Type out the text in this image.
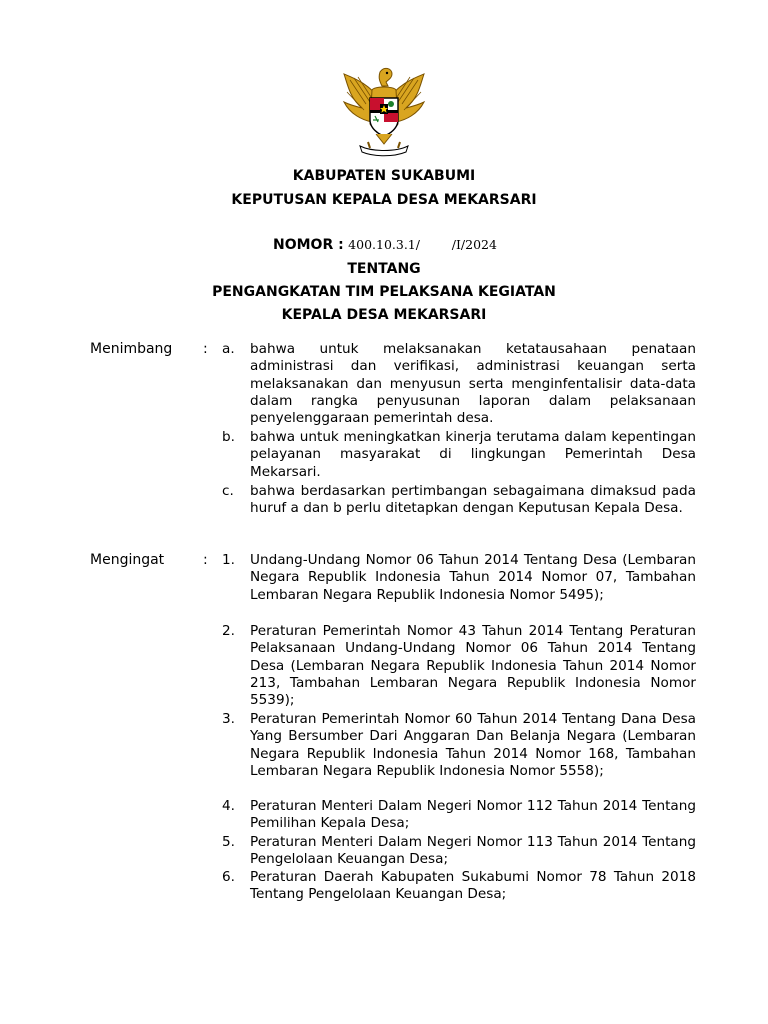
KABUPATEN SUKABUMI
KEPUTUSAN KEPALA DESA MEKARSARI
NOMOR : 400.10.3.1/        /I/2024
TENTANG
PENGANGKATAN TIM PELAKSANA KEGIATAN
KEPALA DESA MEKARSARI
Menimbang : a. bahwa untuk melaksanakan ketatausahaan penataan administrasi dan verifikasi, administrasi keuangan serta melaksanakan dan menyusun serta menginfentalisir data-data dalam rangka penyusunan laporan dalam pelaksanaan penyelenggaraan pemerintah desa.
b. bahwa untuk meningkatkan kinerja terutama dalam kepentingan pelayanan masyarakat di lingkungan Pemerintah Desa Mekarsari.
c. bahwa berdasarkan pertimbangan sebagaimana dimaksud pada huruf a dan b perlu ditetapkan dengan Keputusan Kepala Desa.
Mengingat	: 1. Undang-Undang Nomor 06 Tahun 2014 Tentang Desa (Lembaran Negara Republik Indonesia Tahun 2014 Nomor 07, Tambahan Lembaran Negara Republik Indonesia Nomor 5495);
2. Peraturan Pemerintah Nomor 43 Tahun 2014 Tentang Peraturan Pelaksanaan Undang-Undang Nomor 06 Tahun 2014 Tentang Desa (Lembaran Negara Republik Indonesia Tahun 2014 Nomor 213, Tambahan Lembaran Negara Republik Indonesia Nomor 5539);
3. Peraturan Pemerintah Nomor 60 Tahun 2014 Tentang Dana Desa Yang Bersumber Dari Anggaran Dan Belanja Negara (Lembaran Negara Republik Indonesia Tahun 2014 Nomor 168, Tambahan Lembaran Negara Republik Indonesia Nomor 5558);
4. Peraturan Menteri Dalam Negeri Nomor 112 Tahun 2014 Tentang Pemilihan Kepala Desa;
5. Peraturan Menteri Dalam Negeri Nomor 113 Tahun 2014 Tentang Pengelolaan Keuangan Desa;
6. Peraturan Daerah Kabupaten Sukabumi Nomor 78 Tahun 2018 Tentang Pengelolaan Keuangan Desa;
